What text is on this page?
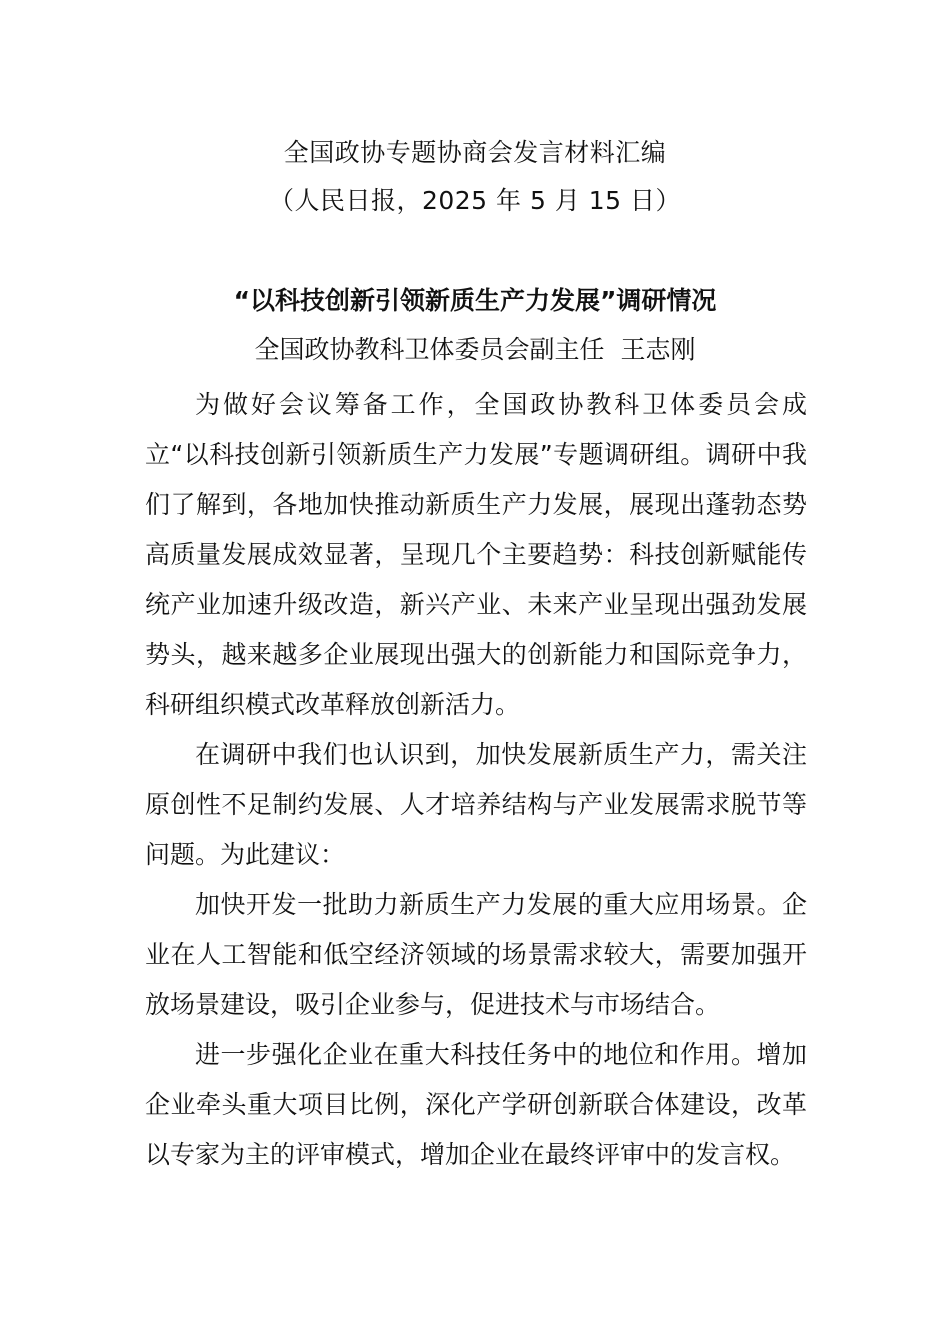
全国政协专题协商会发言材料汇编
（人民日报，2025 年 5 月 15 日）
“以科技创新引领新质生产力发展”调研情况
全国政协教科卫体委员会副主任  王志刚

为做好会议筹备工作，全国政协教科卫体委员会成立“以科技创新引领新质生产力发展”专题调研组。调研中我们了解到，各地加快推动新质生产力发展，展现出蓬勃态势高质量发展成效显著，呈现几个主要趋势：科技创新赋能传统产业加速升级改造，新兴产业、未来产业呈现出强劲发展势头，越来越多企业展现出强大的创新能力和国际竞争力，科研组织模式改革释放创新活力。

在调研中我们也认识到，加快发展新质生产力，需关注原创性不足制约发展、人才培养结构与产业发展需求脱节等问题。为此建议：

加快开发一批助力新质生产力发展的重大应用场景。企业在人工智能和低空经济领域的场景需求较大，需要加强开放场景建设，吸引企业参与，促进技术与市场结合。

进一步强化企业在重大科技任务中的地位和作用。增加企业牵头重大项目比例，深化产学研创新联合体建设，改革以专家为主的评审模式，增加企业在最终评审中的发言权。
